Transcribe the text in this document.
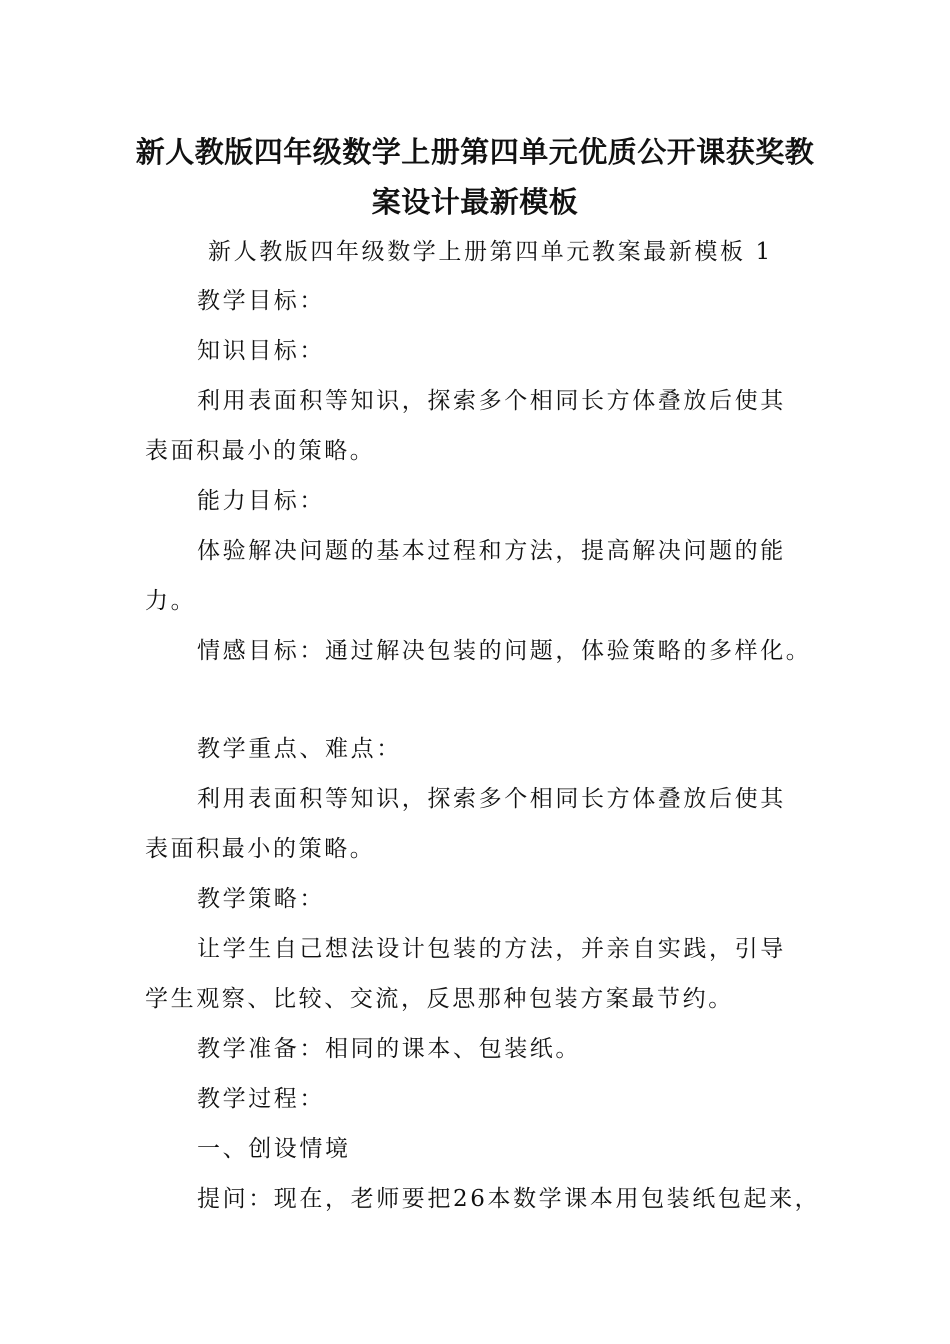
新人教版四年级数学上册第四单元优质公开课获奖教
案设计最新模板

新人教版四年级数学上册第四单元教案最新模板 1

教学目标：

知识目标：

利用表面积等知识，探索多个相同长方体叠放后使其

表面积最小的策略。

能力目标：

体验解决问题的基本过程和方法，提高解决问题的能

力。

情感目标：通过解决包装的问题，体验策略的多样化。

教学重点、难点：

利用表面积等知识，探索多个相同长方体叠放后使其

表面积最小的策略。

教学策略：

让学生自己想法设计包装的方法，并亲自实践，引导

学生观察、比较、交流，反思那种包装方案最节约。

教学准备：相同的课本、包装纸。

教学过程：

一、创设情境

提问：现在，老师要把26本数学课本用包装纸包起来，
